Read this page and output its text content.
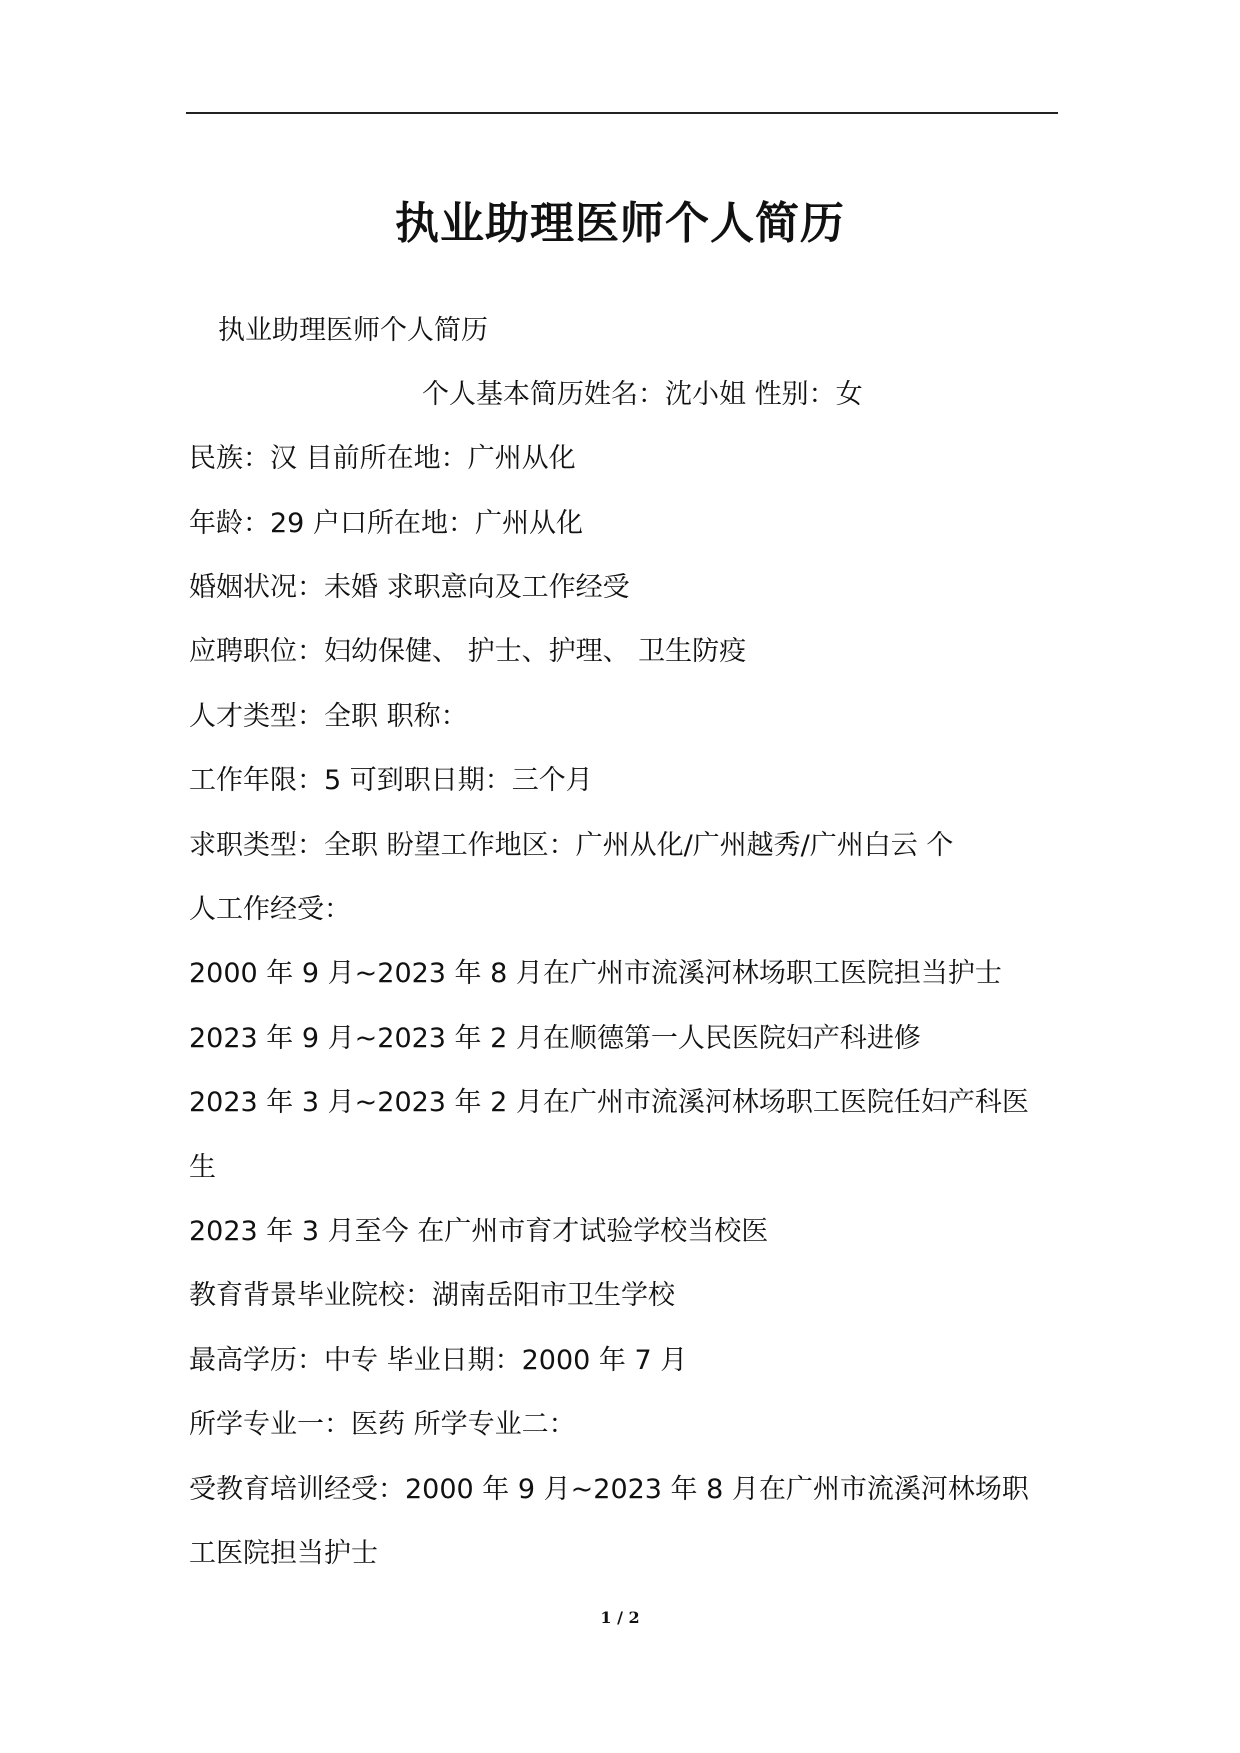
执业助理医师个人简历

执业助理医师个人简历

个人基本简历姓名：沈小姐 性别：女

民族：汉 目前所在地：广州从化

年龄：29 户口所在地：广州从化

婚姻状况：未婚 求职意向及工作经受

应聘职位：妇幼保健、 护士、护理、 卫生防疫

人才类型：全职 职称：

工作年限：5 可到职日期：三个月

求职类型：全职 盼望工作地区：广州从化/广州越秀/广州白云 个

人工作经受：

2000 年 9 月~2023 年 8 月在广州市流溪河林场职工医院担当护士

2023 年 9 月~2023 年 2 月在顺德第一人民医院妇产科进修

2023 年 3 月~2023 年 2 月在广州市流溪河林场职工医院任妇产科医

生

2023 年 3 月至今 在广州市育才试验学校当校医

教育背景毕业院校：湖南岳阳市卫生学校

最高学历：中专 毕业日期：2000 年 7 月

所学专业一：医药 所学专业二：

受教育培训经受：2000 年 9 月~2023 年 8 月在广州市流溪河林场职

工医院担当护士

1 / 2
